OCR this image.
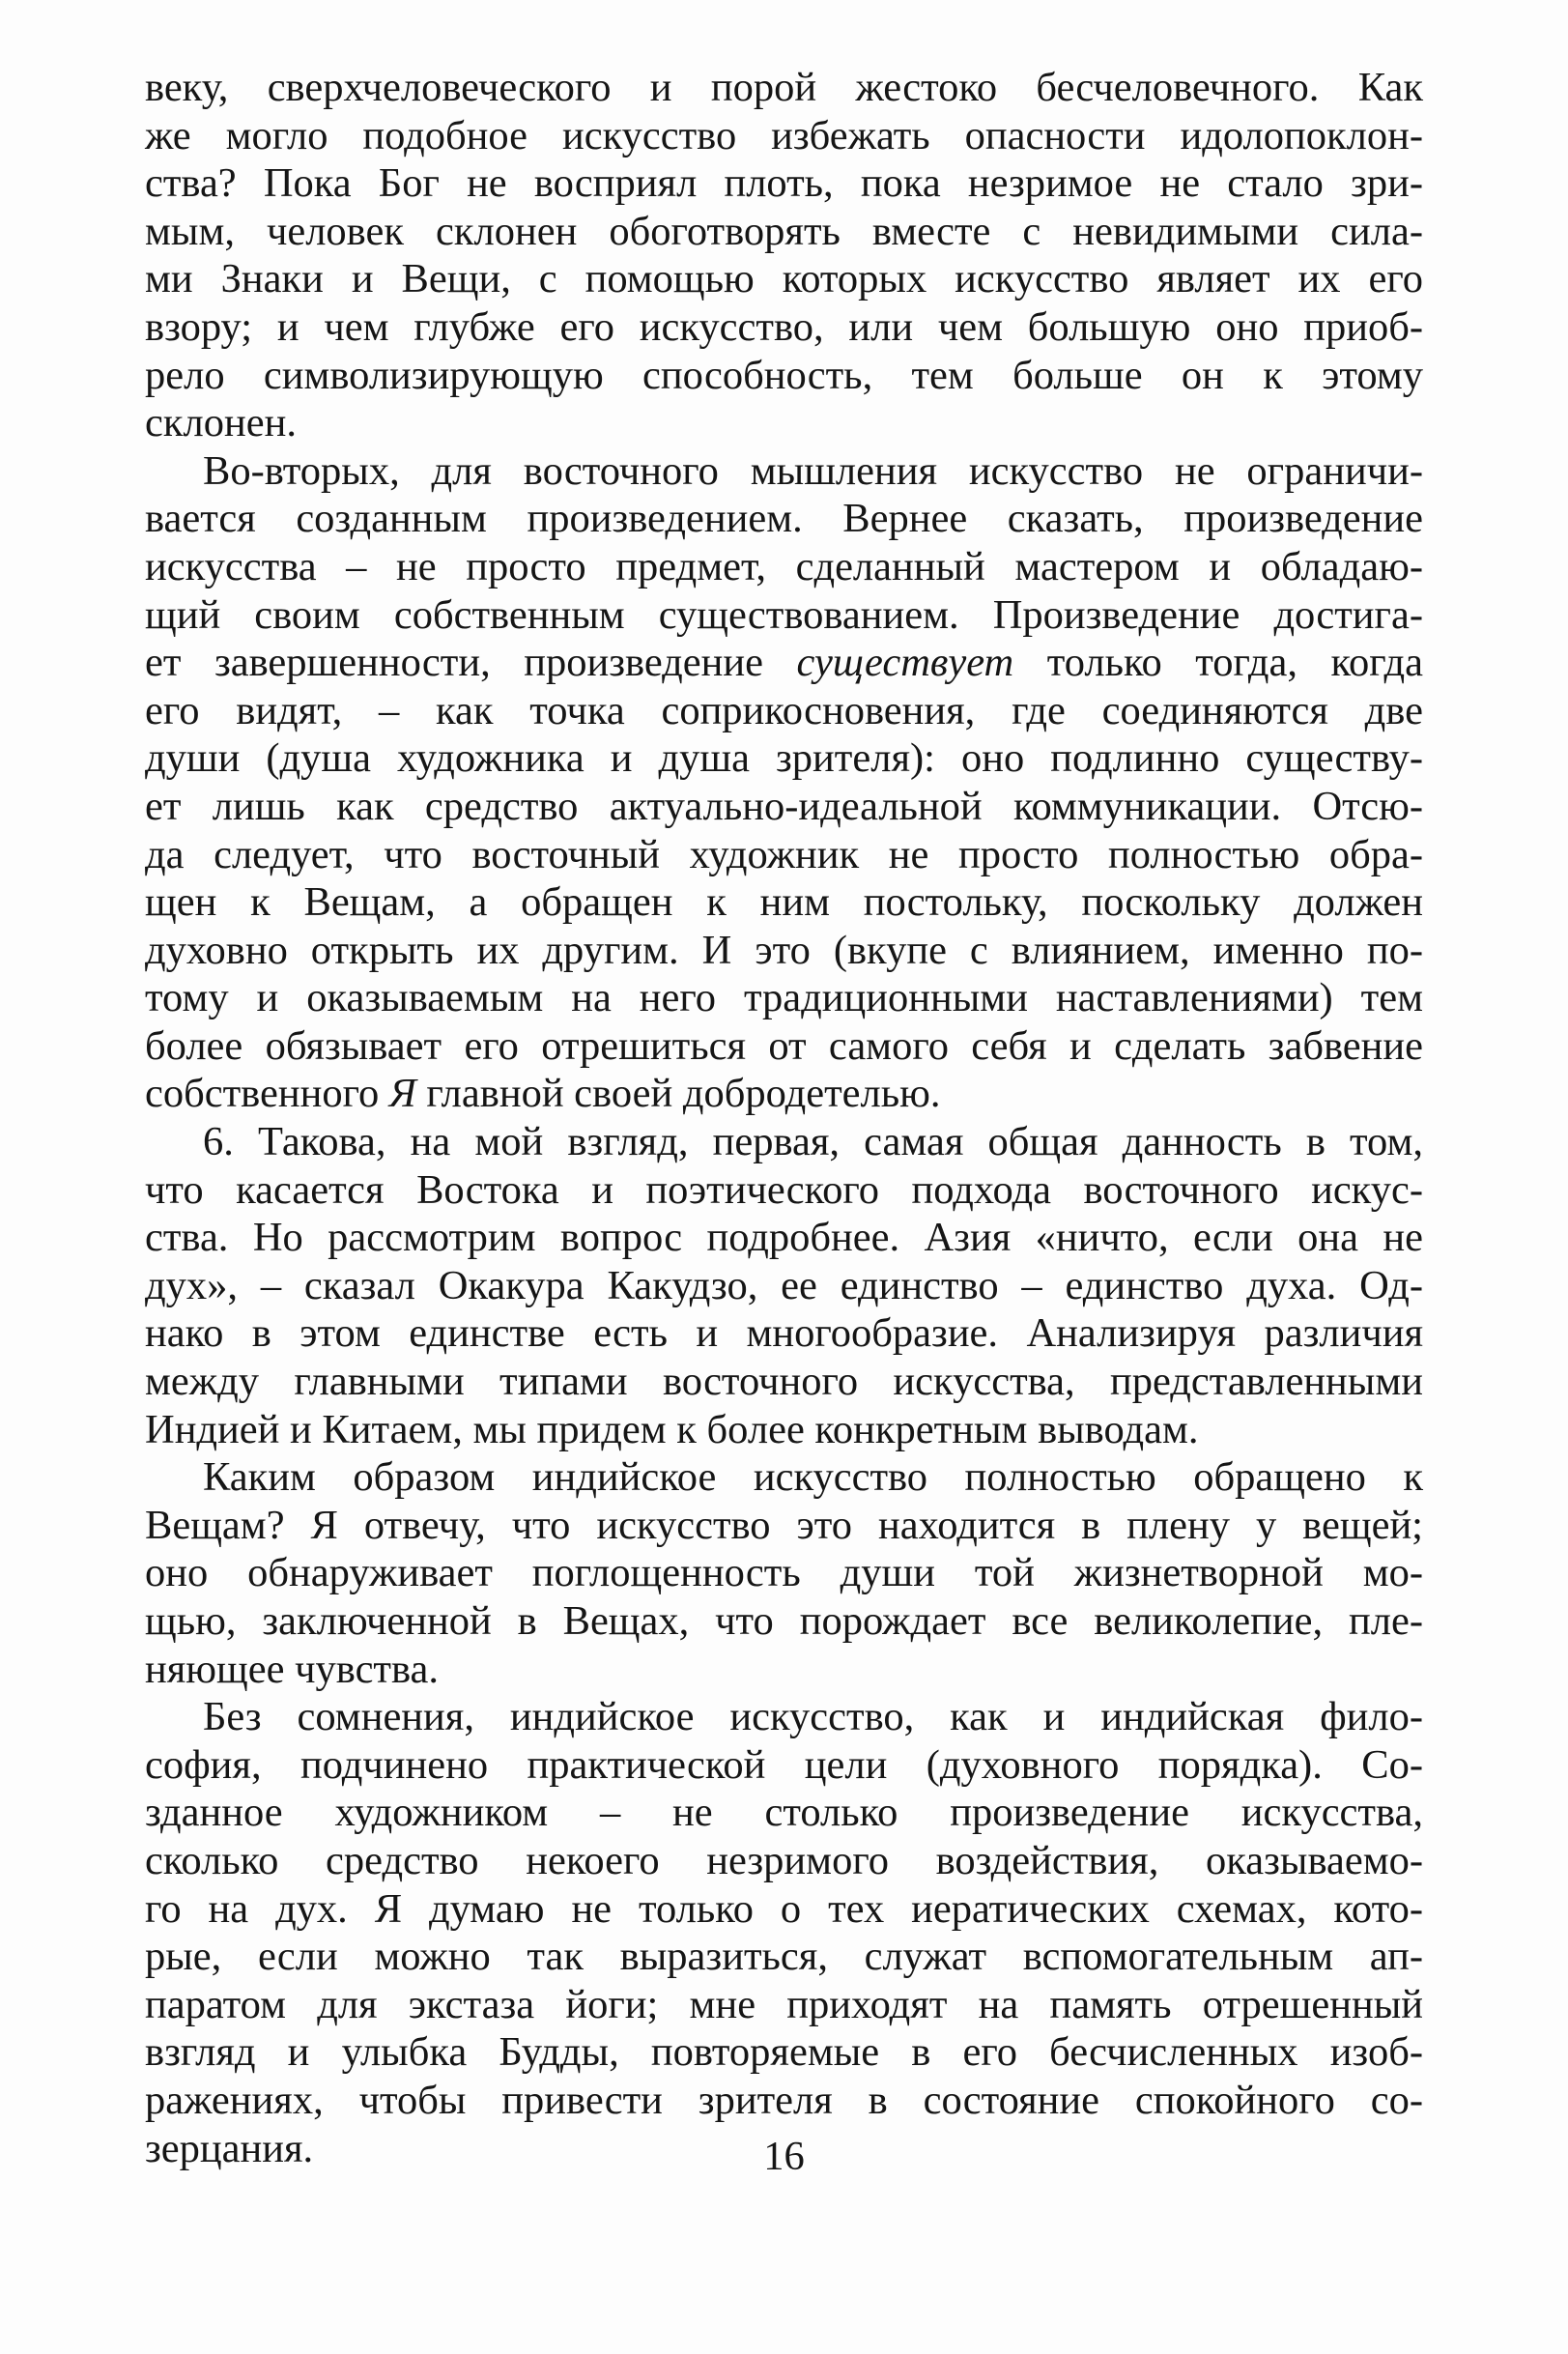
веку, сверхчеловеческого и порой жестоко бесчеловечного. Как
же могло подобное искусство избежать опасности идолопоклон-
ства? Пока Бог не восприял плоть, пока незримое не стало зри-
мым, человек склонен обоготворять вместе с невидимыми сила-
ми Знаки и Вещи, с помощью которых искусство являет их его
взору; и чем глубже его искусство, или чем большую оно приоб-
рело символизирующую способность, тем больше он к этому
склонен.
Во-вторых, для восточного мышления искусство не ограничи-
вается созданным произведением. Вернее сказать, произведение
искусства – не просто предмет, сделанный мастером и обладаю-
щий своим собственным существованием. Произведение достига-
ет завершенности, произведение существует только тогда, когда
его видят, – как точка соприкосновения, где соединяются две
души (душа художника и душа зрителя): оно подлинно существу-
ет лишь как средство актуально-идеальной коммуникации. Отсю-
да следует, что восточный художник не просто полностью обра-
щен к Вещам, а обращен к ним постольку, поскольку должен
духовно открыть их другим. И это (вкупе с влиянием, именно по-
тому и оказываемым на него традиционными наставлениями) тем
более обязывает его отрешиться от самого себя и сделать забвение
собственного Я главной своей добродетелью.
6. Такова, на мой взгляд, первая, самая общая данность в том,
что касается Востока и поэтического подхода восточного искус-
ства. Но рассмотрим вопрос подробнее. Азия «ничто, если она не
дух», – сказал Окакура Какудзо, ее единство – единство духа. Од-
нако в этом единстве есть и многообразие. Анализируя различия
между главными типами восточного искусства, представленными
Индией и Китаем, мы придем к более конкретным выводам.
Каким образом индийское искусство полностью обращено к
Вещам? Я отвечу, что искусство это находится в плену у вещей;
оно обнаруживает поглощенность души той жизнетворной мо-
щью, заключенной в Вещах, что порождает все великолепие, пле-
няющее чувства.
Без сомнения, индийское искусство, как и индийская фило-
софия, подчинено практической цели (духовного порядка). Со-
зданное художником – не столько произведение искусства,
сколько средство некоего незримого воздействия, оказываемо-
го на дух. Я думаю не только о тех иератических схемах, кото-
рые, если можно так выразиться, служат вспомогательным ап-
паратом для экстаза йоги; мне приходят на память отрешенный
взгляд и улыбка Будды, повторяемые в его бесчисленных изоб-
ражениях, чтобы привести зрителя в состояние спокойного со-
зерцания.	16
